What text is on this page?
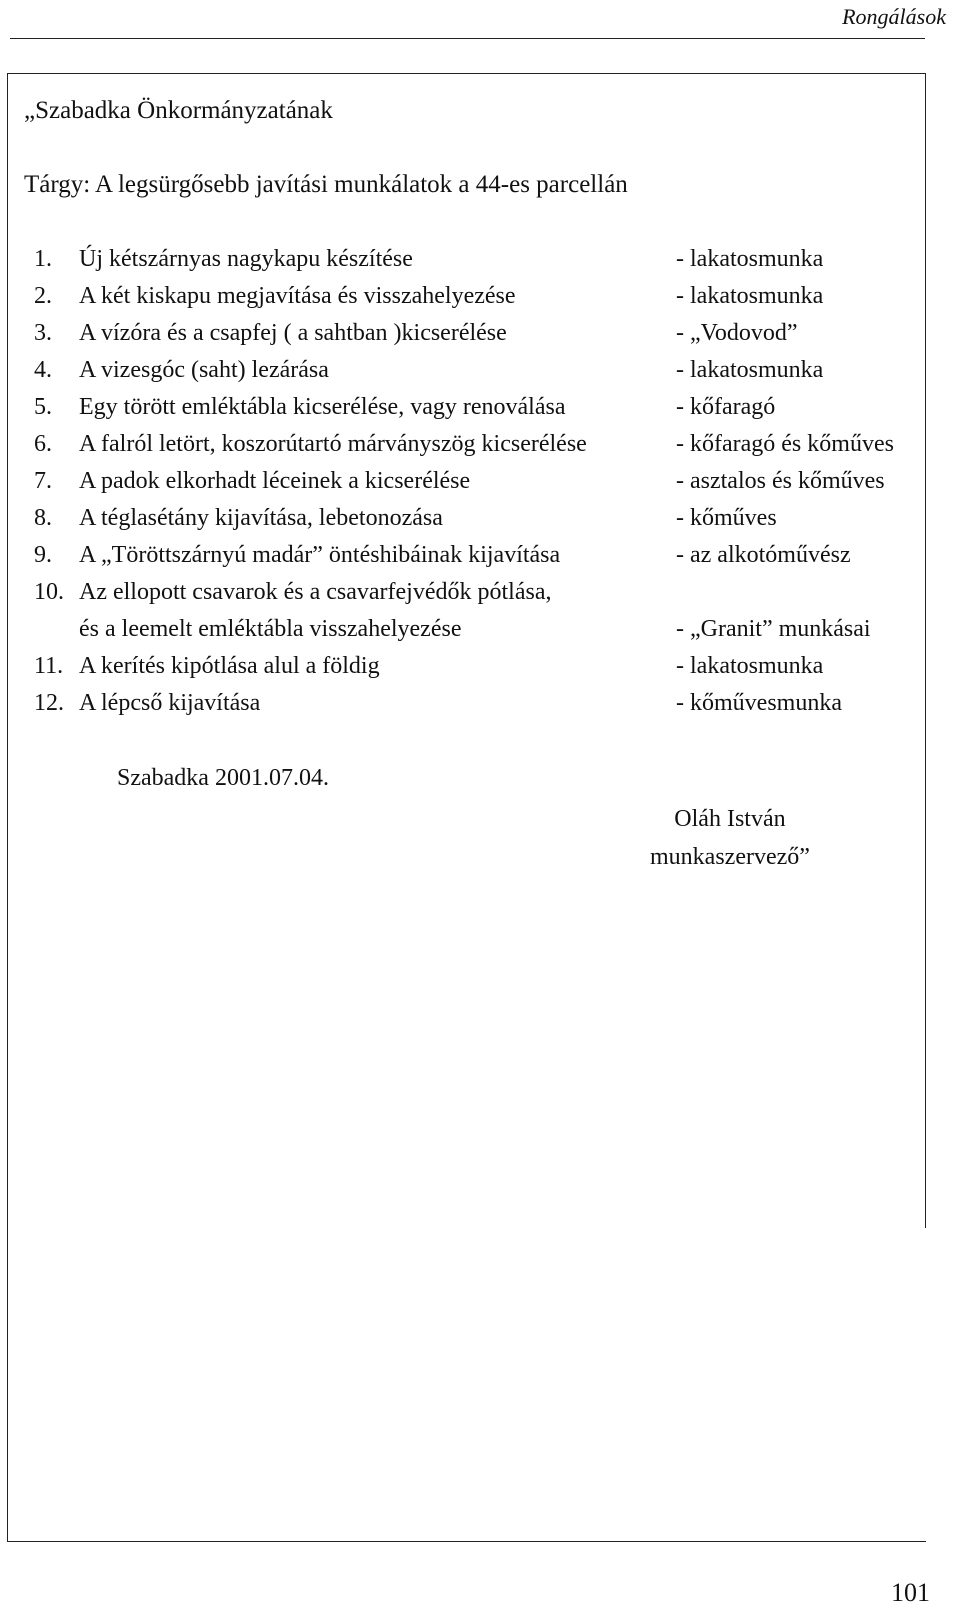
Rongálások
„Szabadka Önkormányzatának
Tárgy: A legsürgősebb javítási munkálatok a 44-es parcellán
1. Új kétszárnyas nagykapu készítése	- lakatosmunka
2. A két kiskapu megjavítása és visszahelyezése	- lakatosmunka
3. A vízóra és a csapfej ( a sahtban )kicserélése	- „Vodovod”
4. A vizesgóc (saht) lezárása	- lakatosmunka
5. Egy törött emléktábla kicserélése, vagy renoválása	- kőfaragó
6. A falról letört, koszorútartó márványszög kicserélése	- kőfaragó és kőműves
7. A padok elkorhadt léceinek a kicserélése	- asztalos és kőműves
8. A téglasétány kijavítása, lebetonozása	- kőműves
9. A „Töröttszárnyú madár” öntéshibáinak kijavítása	- az alkotóművész
10. Az ellopott csavarok és a csavarfejvédők pótlása,
és a leemelt emléktábla visszahelyezése	- „Granit” munkásai
11. A kerítés kipótlása alul a földig	- lakatosmunka
12. A lépcső kijavítása	- kőművesmunka
Szabadka 2001.07.04.
Oláh István
munkaszervező”
101
